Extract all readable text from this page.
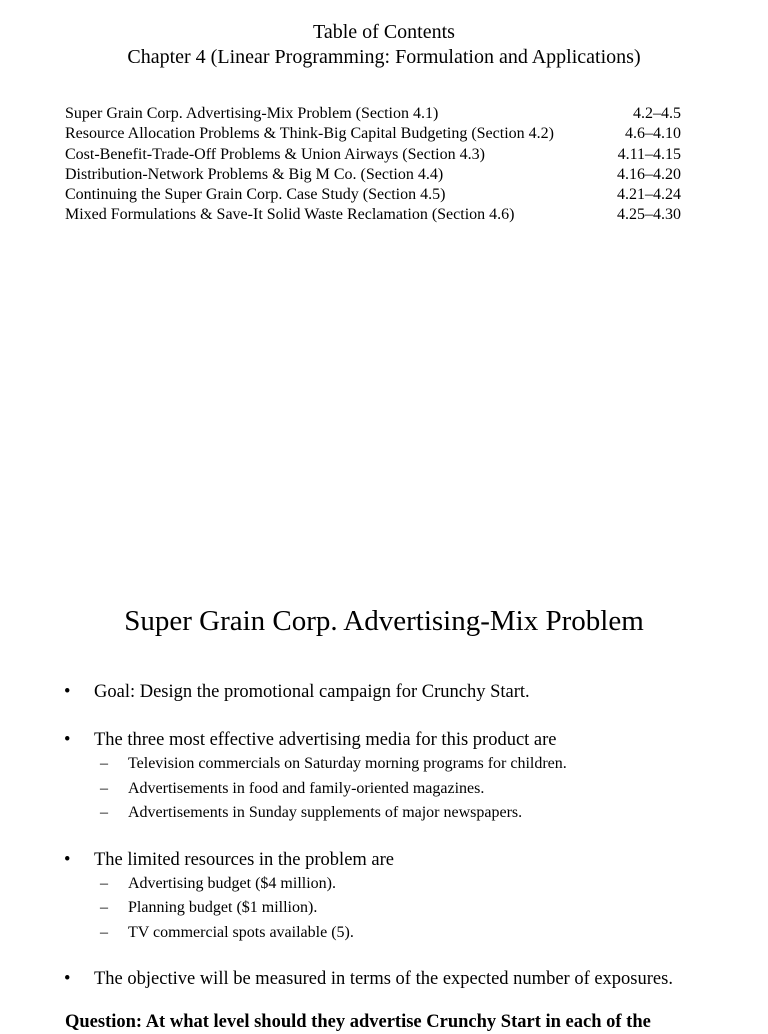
Table of Contents
Chapter 4 (Linear Programming: Formulation and Applications)
Super Grain Corp. Advertising-Mix Problem (Section 4.1)	4.2–4.5
Resource Allocation Problems & Think-Big Capital Budgeting (Section 4.2)	4.6–4.10
Cost-Benefit-Trade-Off Problems & Union Airways (Section 4.3)	4.11–4.15
Distribution-Network Problems & Big M Co. (Section 4.4)	4.16–4.20
Continuing the Super Grain Corp. Case Study (Section 4.5)	4.21–4.24
Mixed Formulations & Save-It Solid Waste Reclamation (Section 4.6)	4.25–4.30
Super Grain Corp. Advertising-Mix Problem
• Goal: Design the promotional campaign for Crunchy Start.
• The three most effective advertising media for this product are
– Television commercials on Saturday morning programs for children.
– Advertisements in food and family-oriented magazines.
– Advertisements in Sunday supplements of major newspapers.
• The limited resources in the problem are
– Advertising budget ($4 million).
– Planning budget ($1 million).
– TV commercial spots available (5).
• The objective will be measured in terms of the expected number of exposures.
Question: At what level should they advertise Crunchy Start in each of the
